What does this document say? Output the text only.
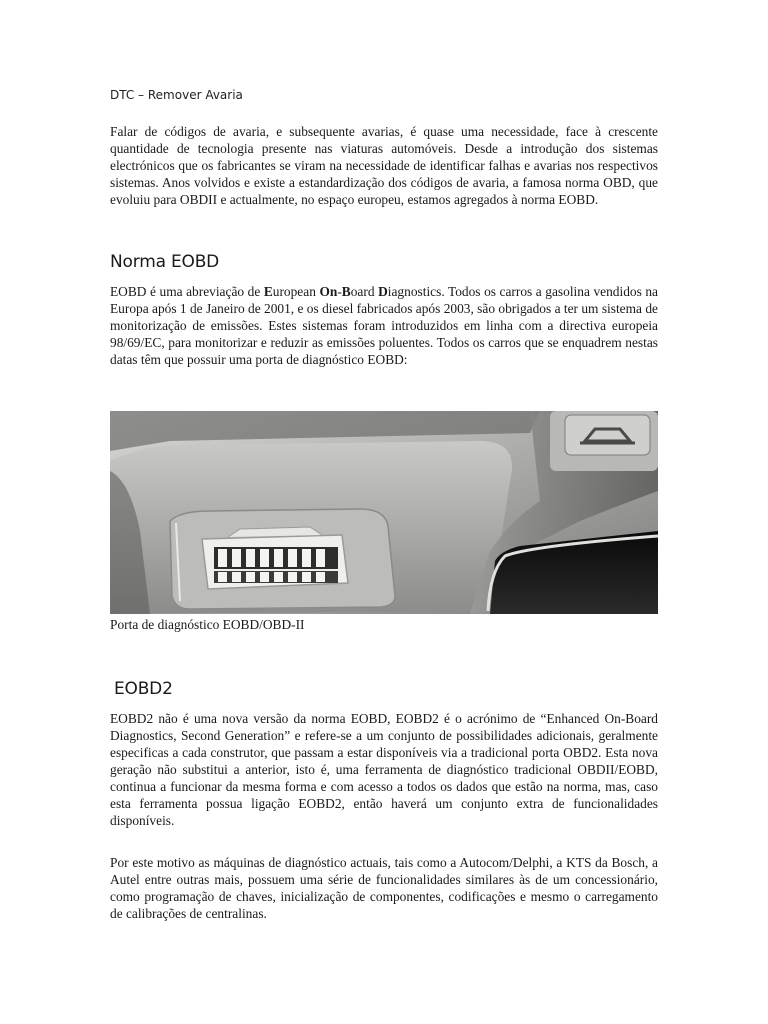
DTC – Remover Avaria

Falar de códigos de avaria, e subsequente avarias, é quase uma necessidade, face à crescente quantidade de tecnologia presente nas viaturas automóveis. Desde a introdução dos sistemas electrónicos que os fabricantes se viram na necessidade de identificar falhas e avarias nos respectivos sistemas. Anos volvidos e existe a estandardização dos códigos de avaria, a famosa norma OBD, que evoluiu para OBDII e actualmente, no espaço europeu, estamos agregados à norma EOBD.

Norma EOBD

EOBD é uma abreviação de European On-Board Diagnostics. Todos os carros a gasolina vendidos na Europa após 1 de Janeiro de 2001, e os diesel fabricados após 2003, são obrigados a ter um sistema de monitorização de emissões. Estes sistemas foram introduzidos em linha com a directiva europeia 98/69/EC, para monitorizar e reduzir as emissões poluentes. Todos os carros que se enquadrem nestas datas têm que possuir uma porta de diagnóstico EOBD:

Porta de diagnóstico EOBD/OBD-II
EOBD2

EOBD2 não é uma nova versão da norma EOBD, EOBD2 é o acrónimo de “Enhanced On-Board Diagnostics, Second Generation” e refere-se a um conjunto de possibilidades adicionais, geralmente especificas a cada construtor, que passam a estar disponíveis via a tradicional porta OBD2. Esta nova geração não substitui a anterior, isto é, uma ferramenta de diagnóstico tradicional OBDII/EOBD, continua a funcionar da mesma forma e com acesso a todos os dados que estão na norma, mas, caso esta ferramenta possua ligação EOBD2, então haverá um conjunto extra de funcionalidades disponíveis.

Por este motivo as máquinas de diagnóstico actuais, tais como a Autocom/Delphi, a KTS da Bosch, a Autel entre outras mais, possuem uma série de funcionalidades similares às de um concessionário, como programação de chaves, inicialização de componentes, codificações e mesmo o carregamento de calibrações de centralinas.
